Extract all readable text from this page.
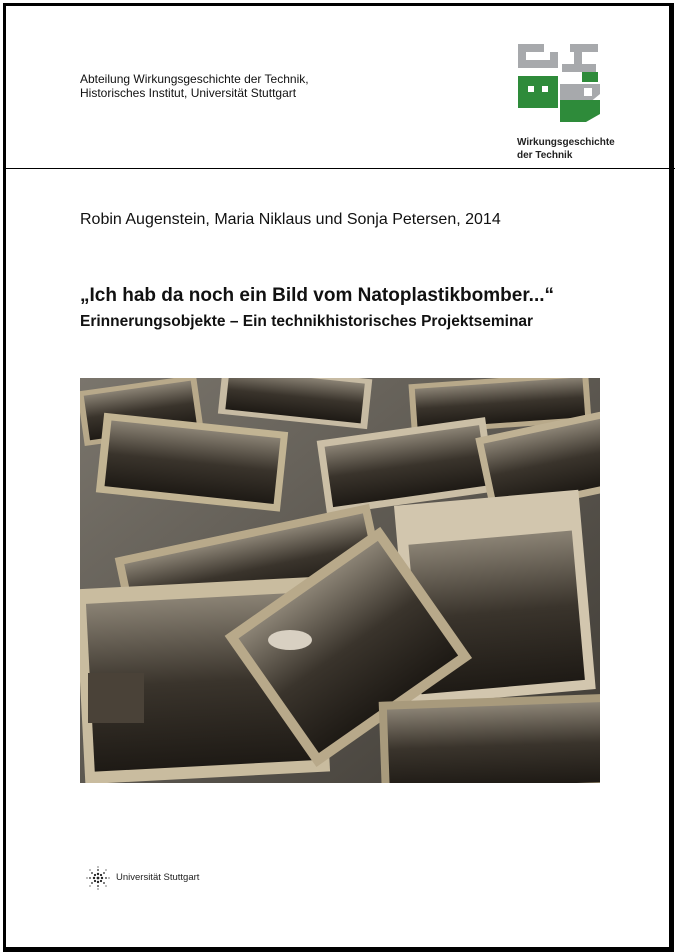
Abteilung Wirkungsgeschichte der Technik,
Historisches Institut, Universität Stuttgart
Wirkungsgeschichte
der Technik
Robin Augenstein, Maria Niklaus und Sonja Petersen, 2014
„Ich hab da noch ein Bild vom Natoplastikbomber...“
Erinnerungsobjekte – Ein technikhistorisches Projektseminar
Universität Stuttgart
